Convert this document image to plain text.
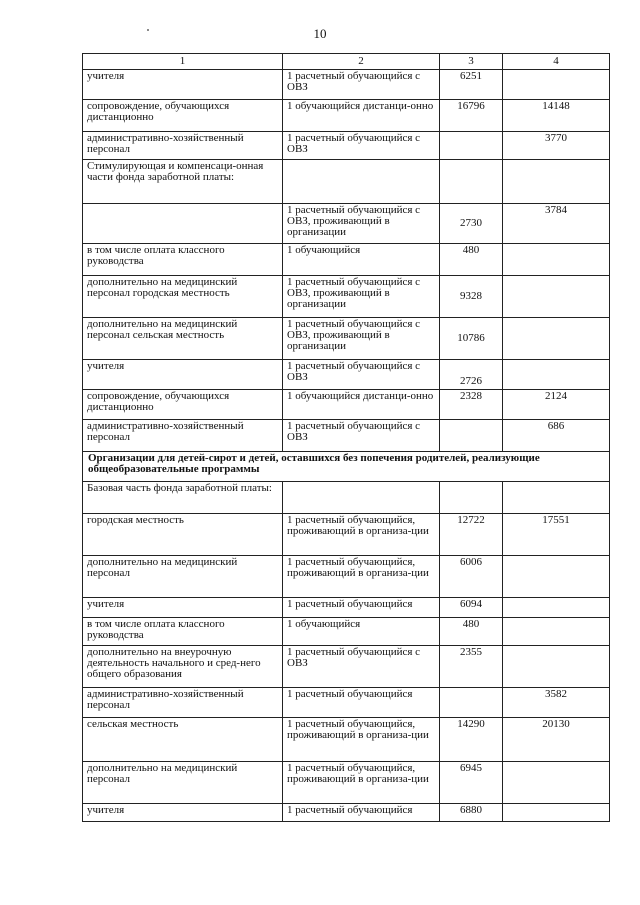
10
1	2	3	4
учителя	1 расчетный обучающийся с ОВЗ	6251	
сопровождение, обучающихся дистанционно	1 обучающийся дистанци-онно	16796	14148
административно-хозяйственный персонал	1 расчетный обучающийся с ОВЗ		3770
Стимулирующая и компенсаци-онная части фонда заработной платы:			
	1 расчетный обучающийся с ОВЗ, проживающий в организации	2730	3784
в том числе оплата классного руководства	1 обучающийся	480	
дополнительно на медицинский персонал городская местность	1 расчетный обучающийся с ОВЗ, проживающий в организации	9328	
дополнительно на медицинский персонал сельская местность	1 расчетный обучающийся с ОВЗ, проживающий в организации	10786	
учителя	1 расчетный обучающийся с ОВЗ	2726	
сопровождение, обучающихся дистанционно	1 обучающийся дистанци-онно	2328	2124
административно-хозяйственный персонал	1 расчетный обучающийся с ОВЗ		686
Организации для детей-сирот и детей, оставшихся без попечения родителей, реализующие общеобразовательные программы			
Базовая часть фонда заработной платы:			
городская местность	1 расчетный обучающийся, проживающий в организа-ции	12722	17551
дополнительно на медицинский персонал	1 расчетный обучающийся, проживающий в организа-ции	6006	
учителя	1 расчетный обучающийся	6094	
в том числе оплата классного руководства	1 обучающийся	480	
дополнительно на внеурочную деятельность начального и сред-него общего образования	1 расчетный обучающийся с ОВЗ	2355	
административно-хозяйственный персонал	1 расчетный обучающийся		3582
сельская местность	1 расчетный обучающийся, проживающий в организа-ции	14290	20130
дополнительно на медицинский персонал	1 расчетный обучающийся, проживающий в организа-ции	6945	
учителя	1 расчетный обучающийся	6880	
